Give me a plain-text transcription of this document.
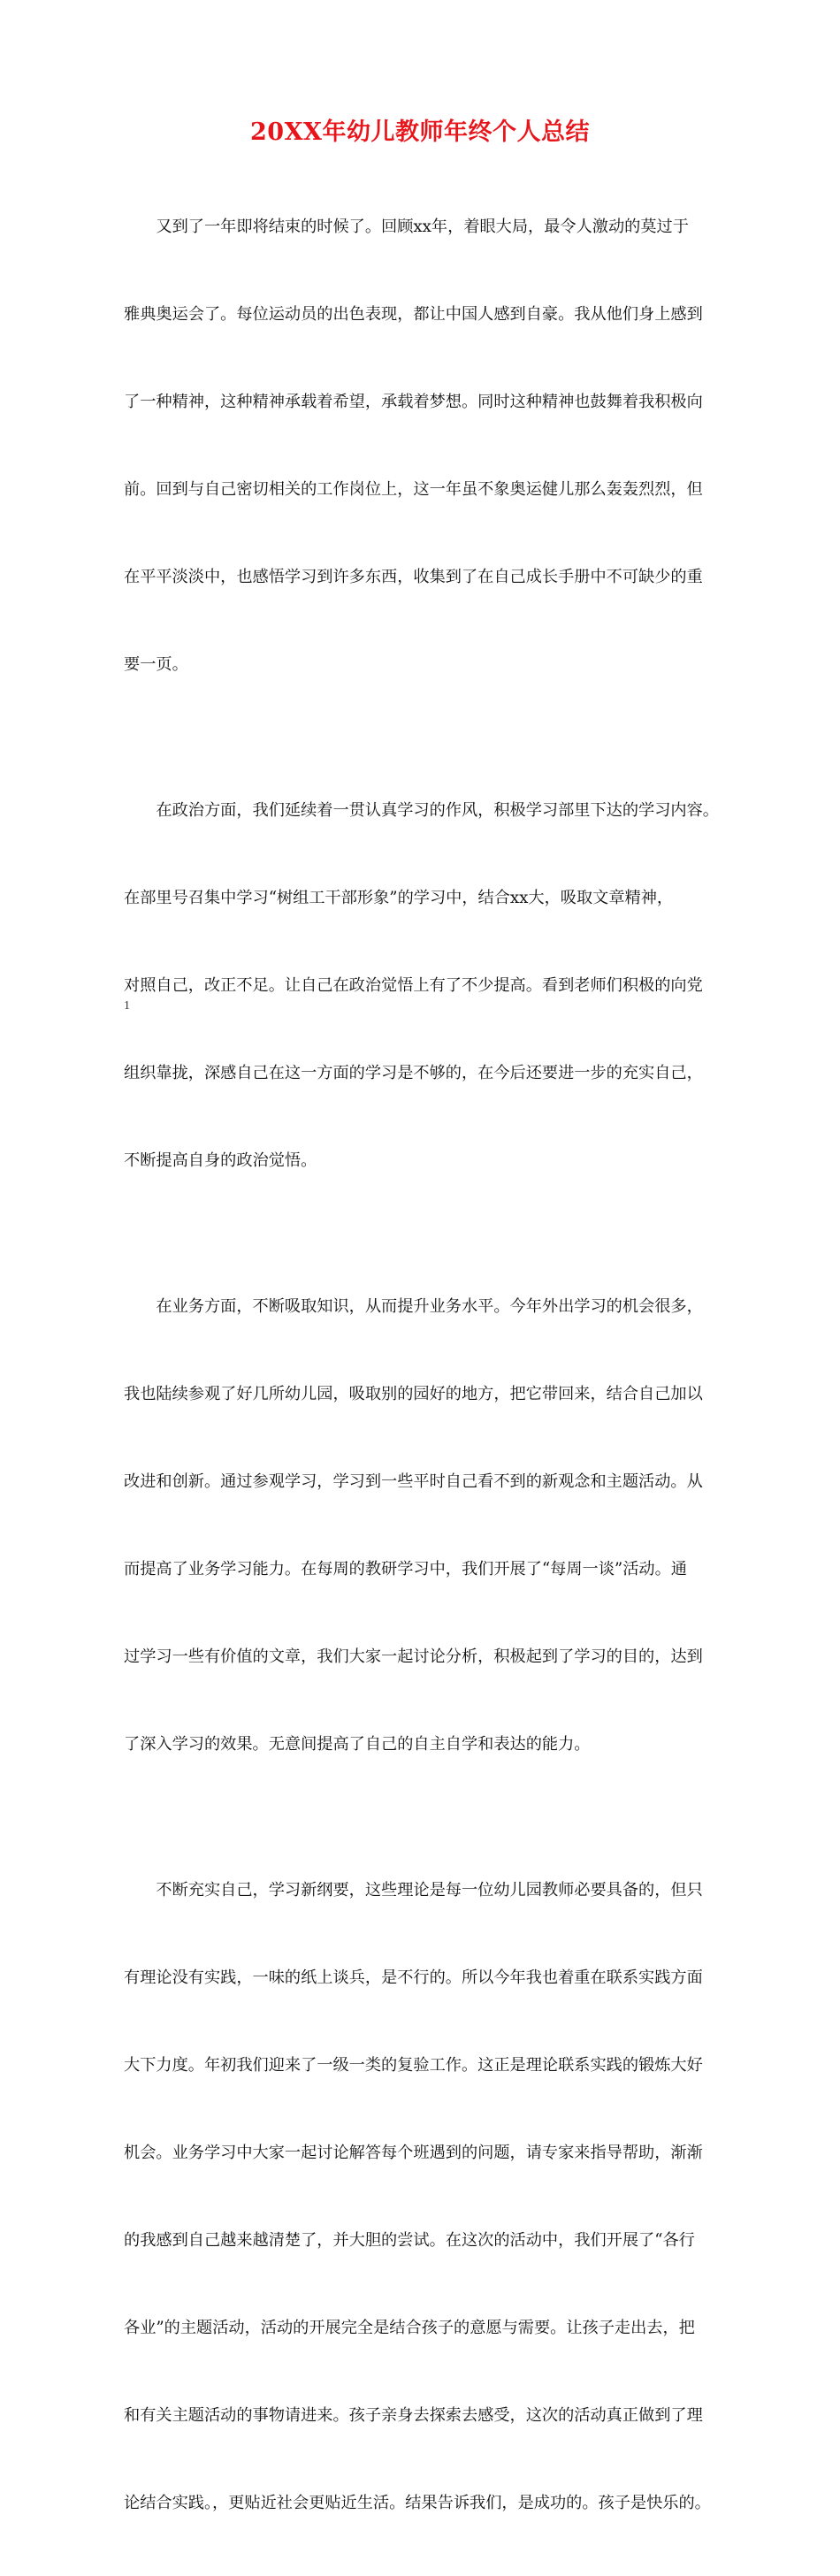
20XX年幼儿教师年终个人总结

　　又到了一年即将结束的时候了。回顾xx年，着眼大局，最令人激动的莫过于

雅典奥运会了。每位运动员的出色表现，都让中国人感到自豪。我从他们身上感到

了一种精神，这种精神承载着希望，承载着梦想。同时这种精神也鼓舞着我积极向

前。回到与自己密切相关的工作岗位上，这一年虽不象奥运健儿那么轰轰烈烈，但

在平平淡淡中，也感悟学习到许多东西，收集到了在自己成长手册中不可缺少的重

要一页。

　　在政治方面，我们延续着一贯认真学习的作风，积极学习部里下达的学习内容。

在部里号召集中学习“树组工干部形象”的学习中，结合xx大，吸取文章精神，

对照自己，改正不足。让自己在政治觉悟上有了不少提高。看到老师们积极的向党

组织靠拢，深感自己在这一方面的学习是不够的，在今后还要进一步的充实自己，

不断提高自身的政治觉悟。

　　在业务方面，不断吸取知识，从而提升业务水平。今年外出学习的机会很多，

我也陆续参观了好几所幼儿园，吸取别的园好的地方，把它带回来，结合自己加以

改进和创新。通过参观学习，学习到一些平时自己看不到的新观念和主题活动。从

而提高了业务学习能力。在每周的教研学习中，我们开展了“每周一谈”活动。通

过学习一些有价值的文章，我们大家一起讨论分析，积极起到了学习的目的，达到

了深入学习的效果。无意间提高了自己的自主自学和表达的能力。

　　不断充实自己，学习新纲要，这些理论是每一位幼儿园教师必要具备的，但只

有理论没有实践，一味的纸上谈兵，是不行的。所以今年我也着重在联系实践方面

大下力度。年初我们迎来了一级一类的复验工作。这正是理论联系实践的锻炼大好

机会。业务学习中大家一起讨论解答每个班遇到的问题，请专家来指导帮助，渐渐

的我感到自己越来越清楚了，并大胆的尝试。在这次的活动中，我们开展了“各行

各业”的主题活动，活动的开展完全是结合孩子的意愿与需要。让孩子走出去，把

和有关主题活动的事物请进来。孩子亲身去探索去感受，这次的活动真正做到了理

论结合实践。，更贴近社会更贴近生活。结果告诉我们，是成功的。孩子是快乐的。

1
